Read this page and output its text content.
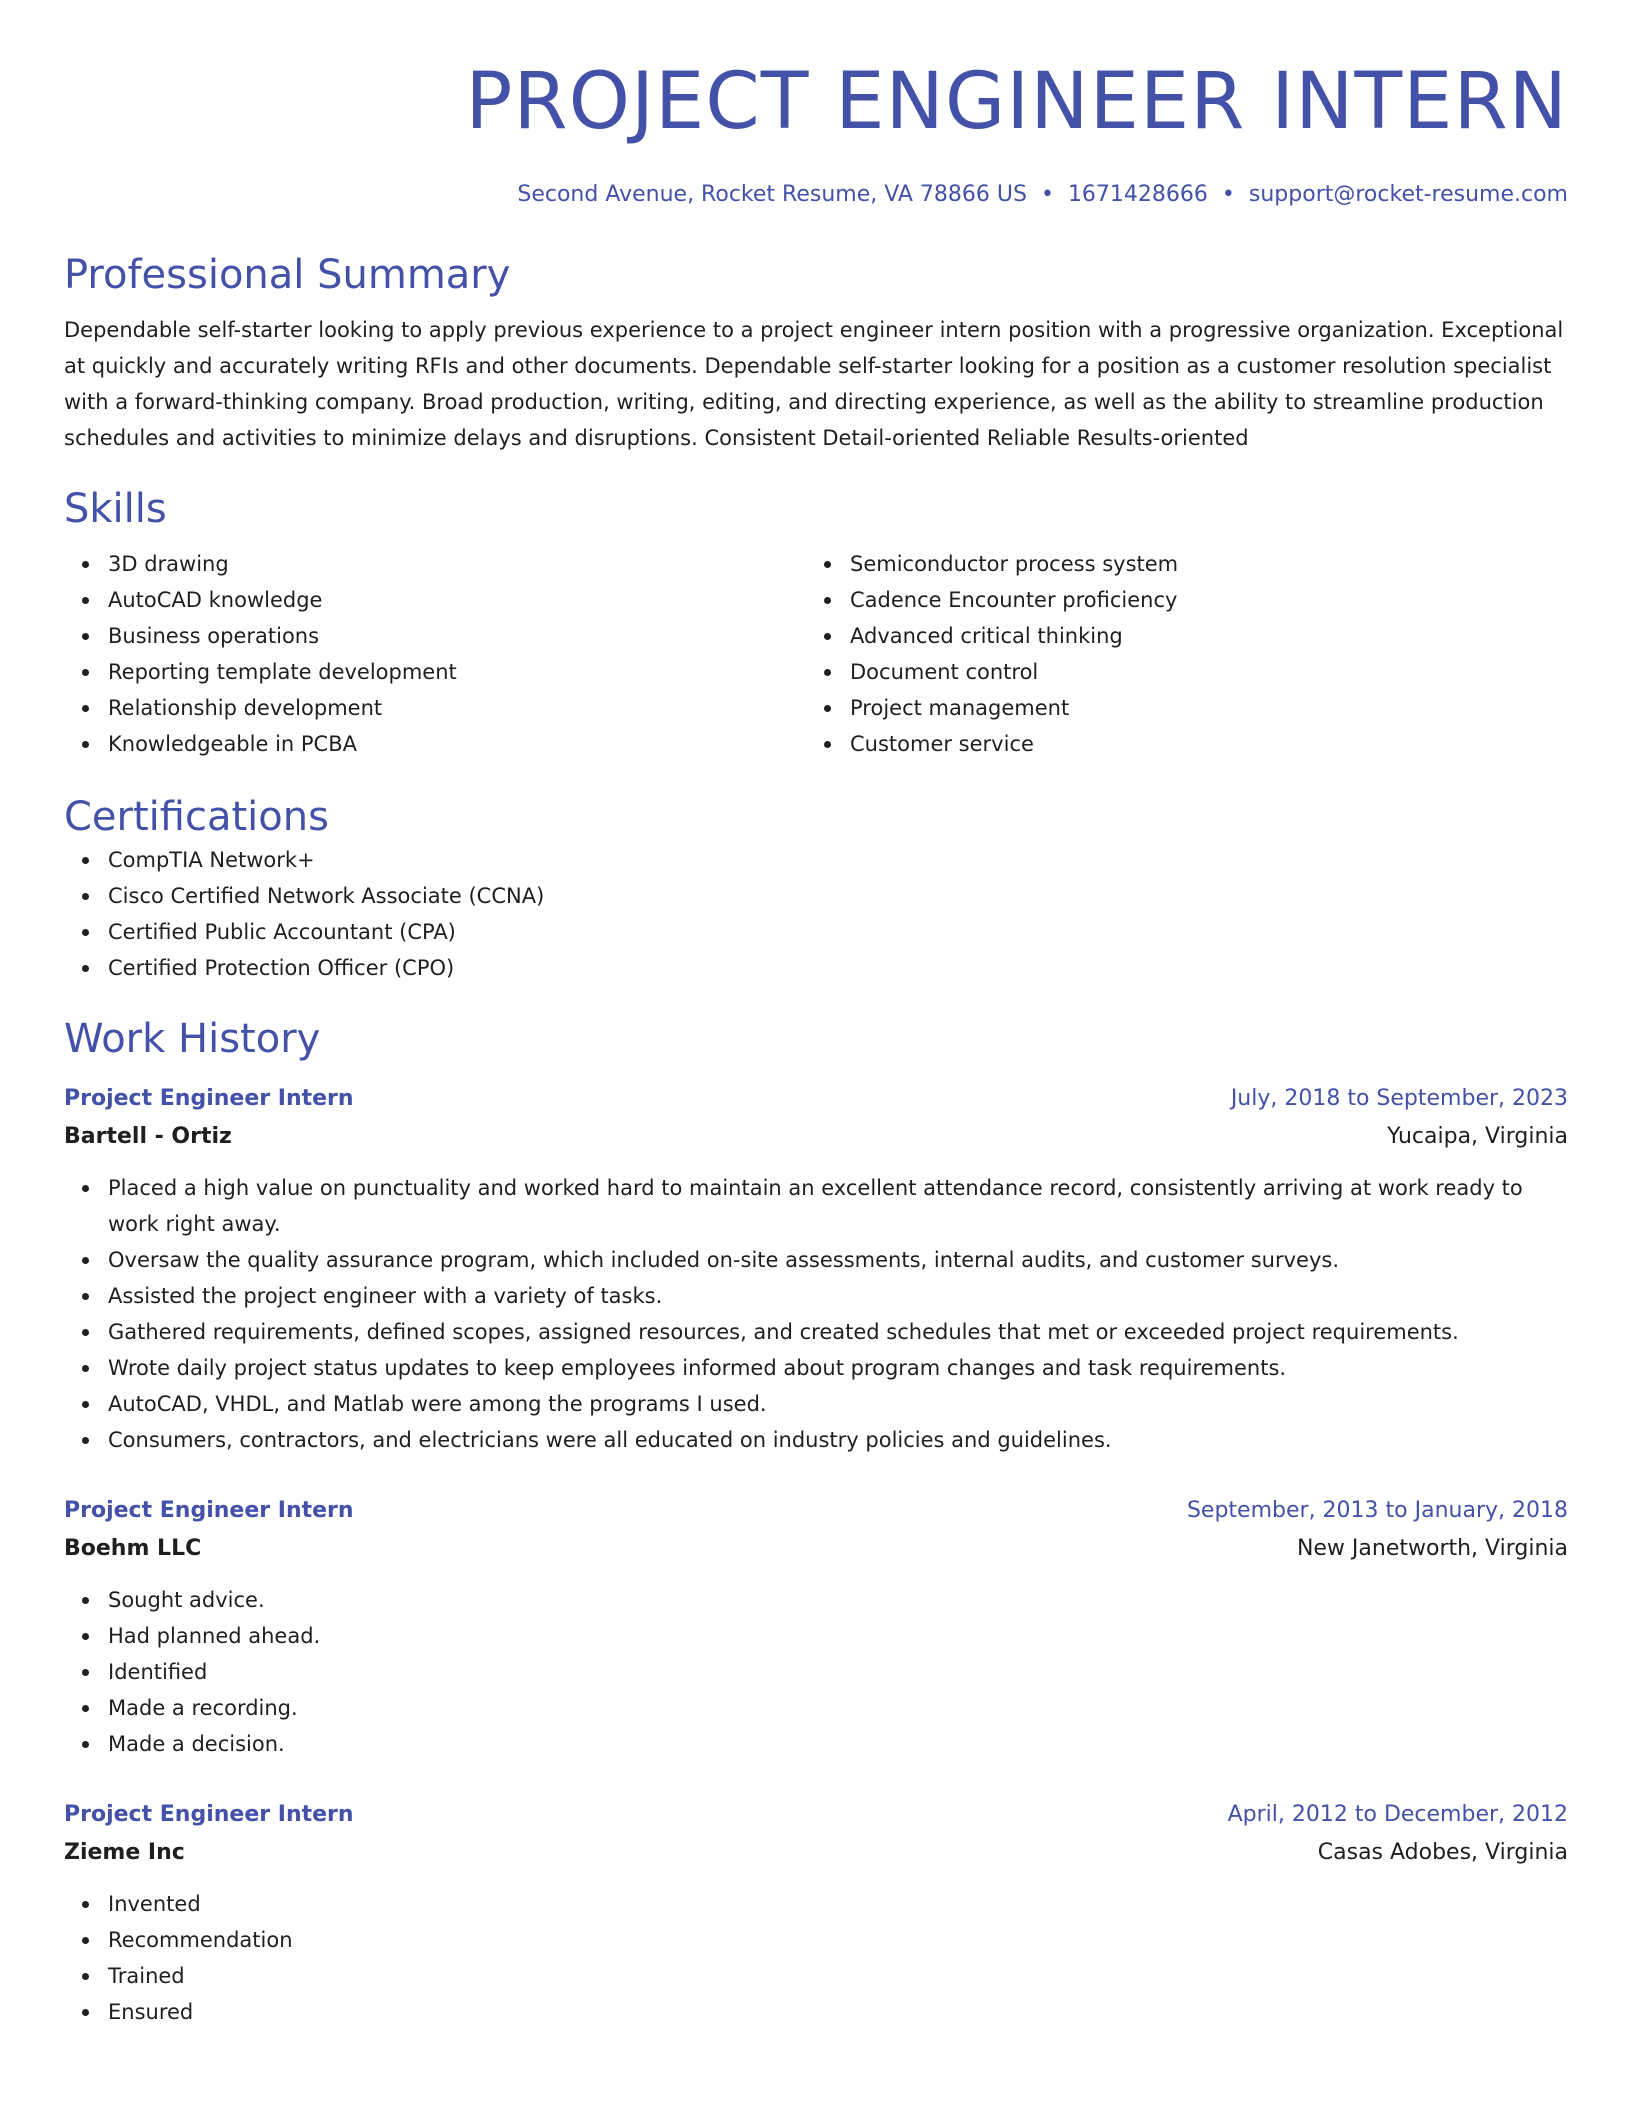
PROJECT ENGINEER INTERN
Second Avenue, Rocket Resume, VA 78866 US • 1671428666 • support@rocket-resume.com
Professional Summary
Dependable self-starter looking to apply previous experience to a project engineer intern position with a progressive organization. Exceptional at quickly and accurately writing RFIs and other documents. Dependable self-starter looking for a position as a customer resolution specialist with a forward-thinking company. Broad production, writing, editing, and directing experience, as well as the ability to streamline production schedules and activities to minimize delays and disruptions. Consistent Detail-oriented Reliable Results-oriented
Skills
3D drawing
AutoCAD knowledge
Business operations
Reporting template development
Relationship development
Knowledgeable in PCBA
Semiconductor process system
Cadence Encounter proficiency
Advanced critical thinking
Document control
Project management
Customer service
Certifications
CompTIA Network+
Cisco Certified Network Associate (CCNA)
Certified Public Accountant (CPA)
Certified Protection Officer (CPO)
Work History
Project Engineer Intern	July, 2018 to September, 2023
Bartell - Ortiz	Yucaipa, Virginia
Placed a high value on punctuality and worked hard to maintain an excellent attendance record, consistently arriving at work ready to work right away.
Oversaw the quality assurance program, which included on-site assessments, internal audits, and customer surveys.
Assisted the project engineer with a variety of tasks.
Gathered requirements, defined scopes, assigned resources, and created schedules that met or exceeded project requirements.
Wrote daily project status updates to keep employees informed about program changes and task requirements.
AutoCAD, VHDL, and Matlab were among the programs I used.
Consumers, contractors, and electricians were all educated on industry policies and guidelines.
Project Engineer Intern	September, 2013 to January, 2018
Boehm LLC	New Janetworth, Virginia
Sought advice.
Had planned ahead.
Identified
Made a recording.
Made a decision.
Project Engineer Intern	April, 2012 to December, 2012
Zieme Inc	Casas Adobes, Virginia
Invented
Recommendation
Trained
Ensured
